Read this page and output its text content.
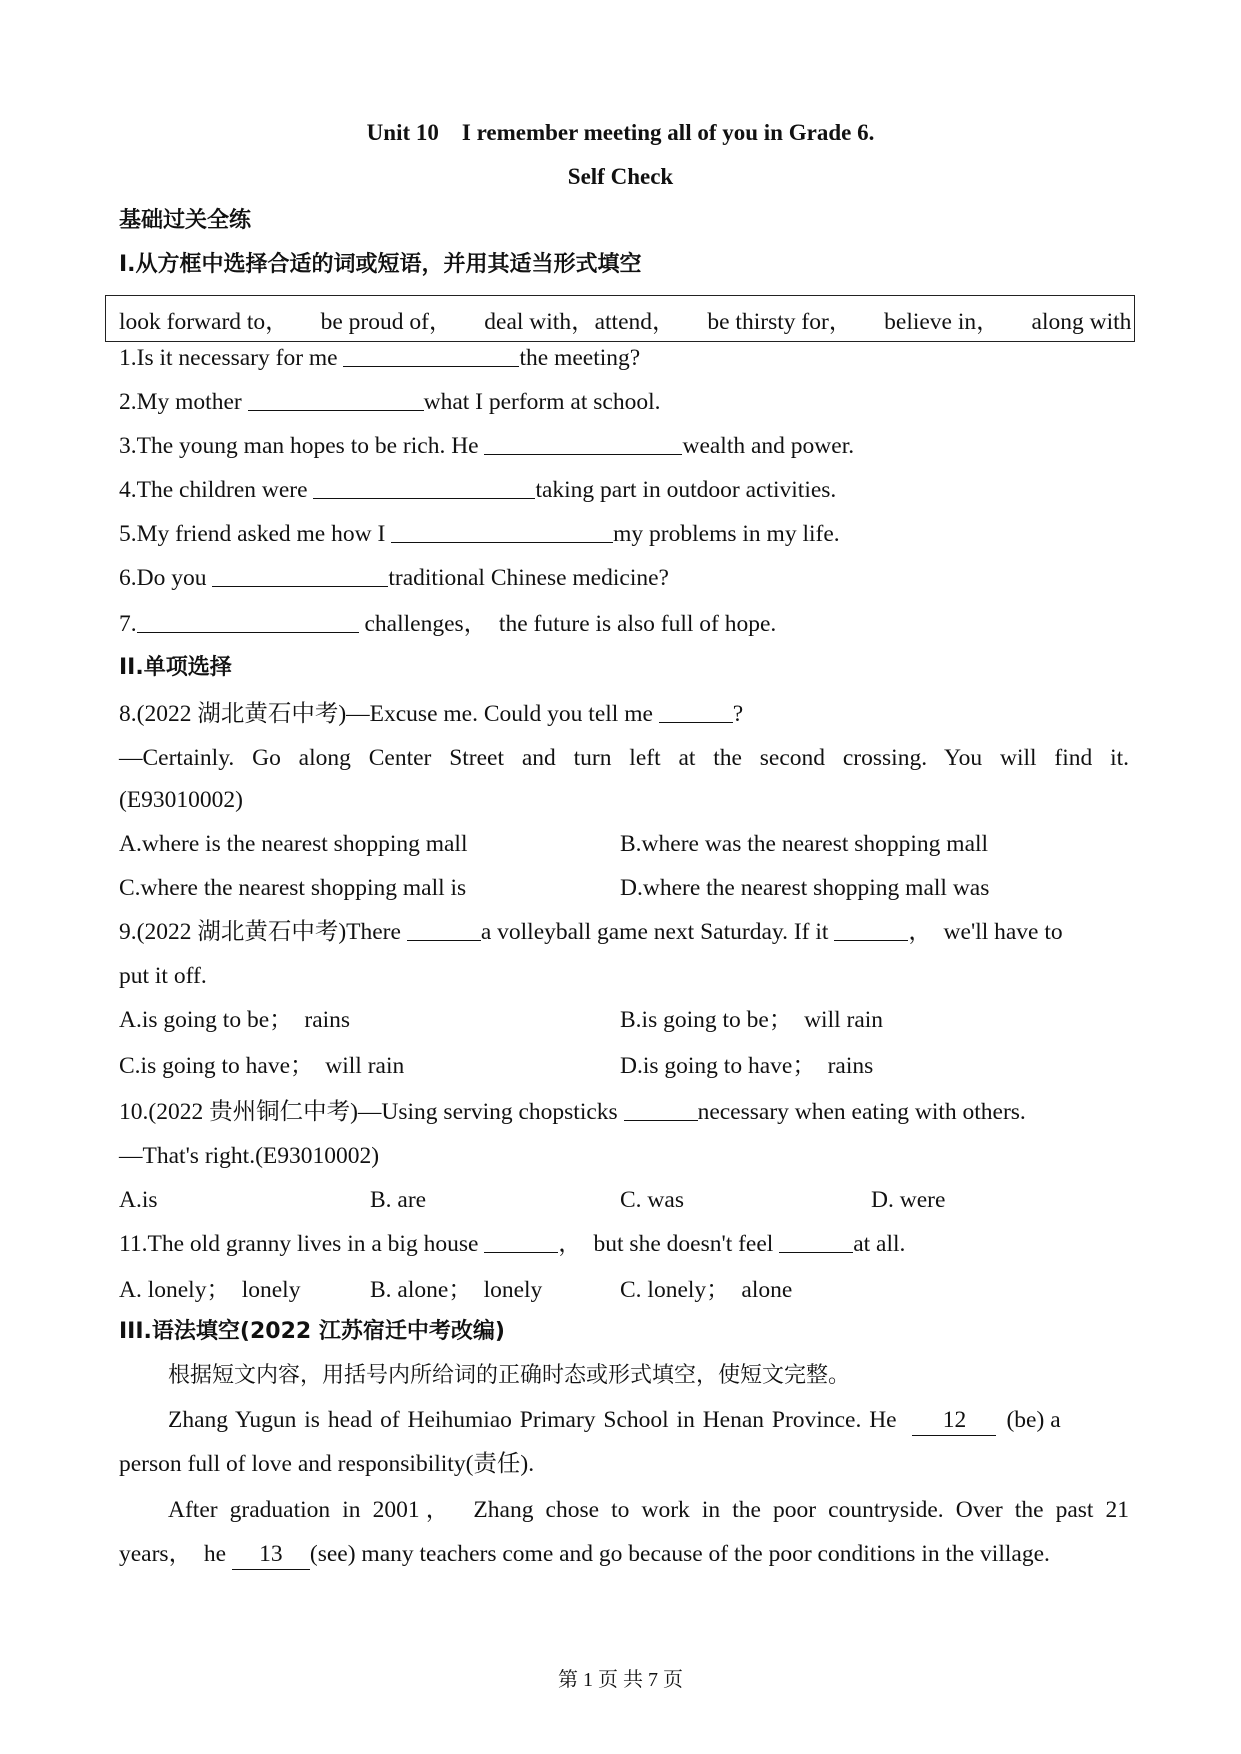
Unit 10　I remember meeting all of you in Grade 6.
Self Check
基础过关全练
I.从方框中选择合适的词或短语，并用其适当形式填空
look forward to， be proud of， deal with，attend， be thirsty for， believe in， along with
1.Is it necessary for me	the meeting?
2.My mother	what I perform at school.
3.The young man hopes to be rich. He	wealth and power.
4.The children were	taking part in outdoor activities.
5.My friend asked me how I	my problems in my life.
6.Do you	traditional Chinese medicine?
7.	challenges，　the future is also full of hope.
II.单项选择
8.(2022 湖北黄石中考)—Excuse me. Could you tell me	?
—Certainly. Go along Center Street and turn left at the second crossing. You will find it.
(E93010002)
A.where is the nearest shopping mall	B.where was the nearest shopping mall
C.where the nearest shopping mall is	D.where the nearest shopping mall was
9.(2022 湖北黄石中考)There	a volleyball game next Saturday. If it	，　we'll have to
put it off.
A.is going to be；　rains	B.is going to be；　will rain
C.is going to have；　will rain	D.is going to have；　rains
10.(2022 贵州铜仁中考)—Using serving chopsticks	necessary when eating with others.
—That's right.(E93010002)
A.is	B. are	C. was	D. were
11.The old granny lives in a big house	，　but she doesn't feel	at all.
A. lonely；　lonely	B. alone；　lonely	C. lonely；　alone
III.语法填空(2022 江苏宿迁中考改编)
根据短文内容，用括号内所给词的正确时态或形式填空，使短文完整。
Zhang Yugun is head of Heihumiao Primary School in Henan Province. He 12 (be) a
person full of love and responsibility(责任).
After graduation in 2001，　Zhang chose to work in the poor countryside. Over the past 21
years，　he 13 (see) many teachers come and go because of the poor conditions in the village.
第 1 页 共 7 页
